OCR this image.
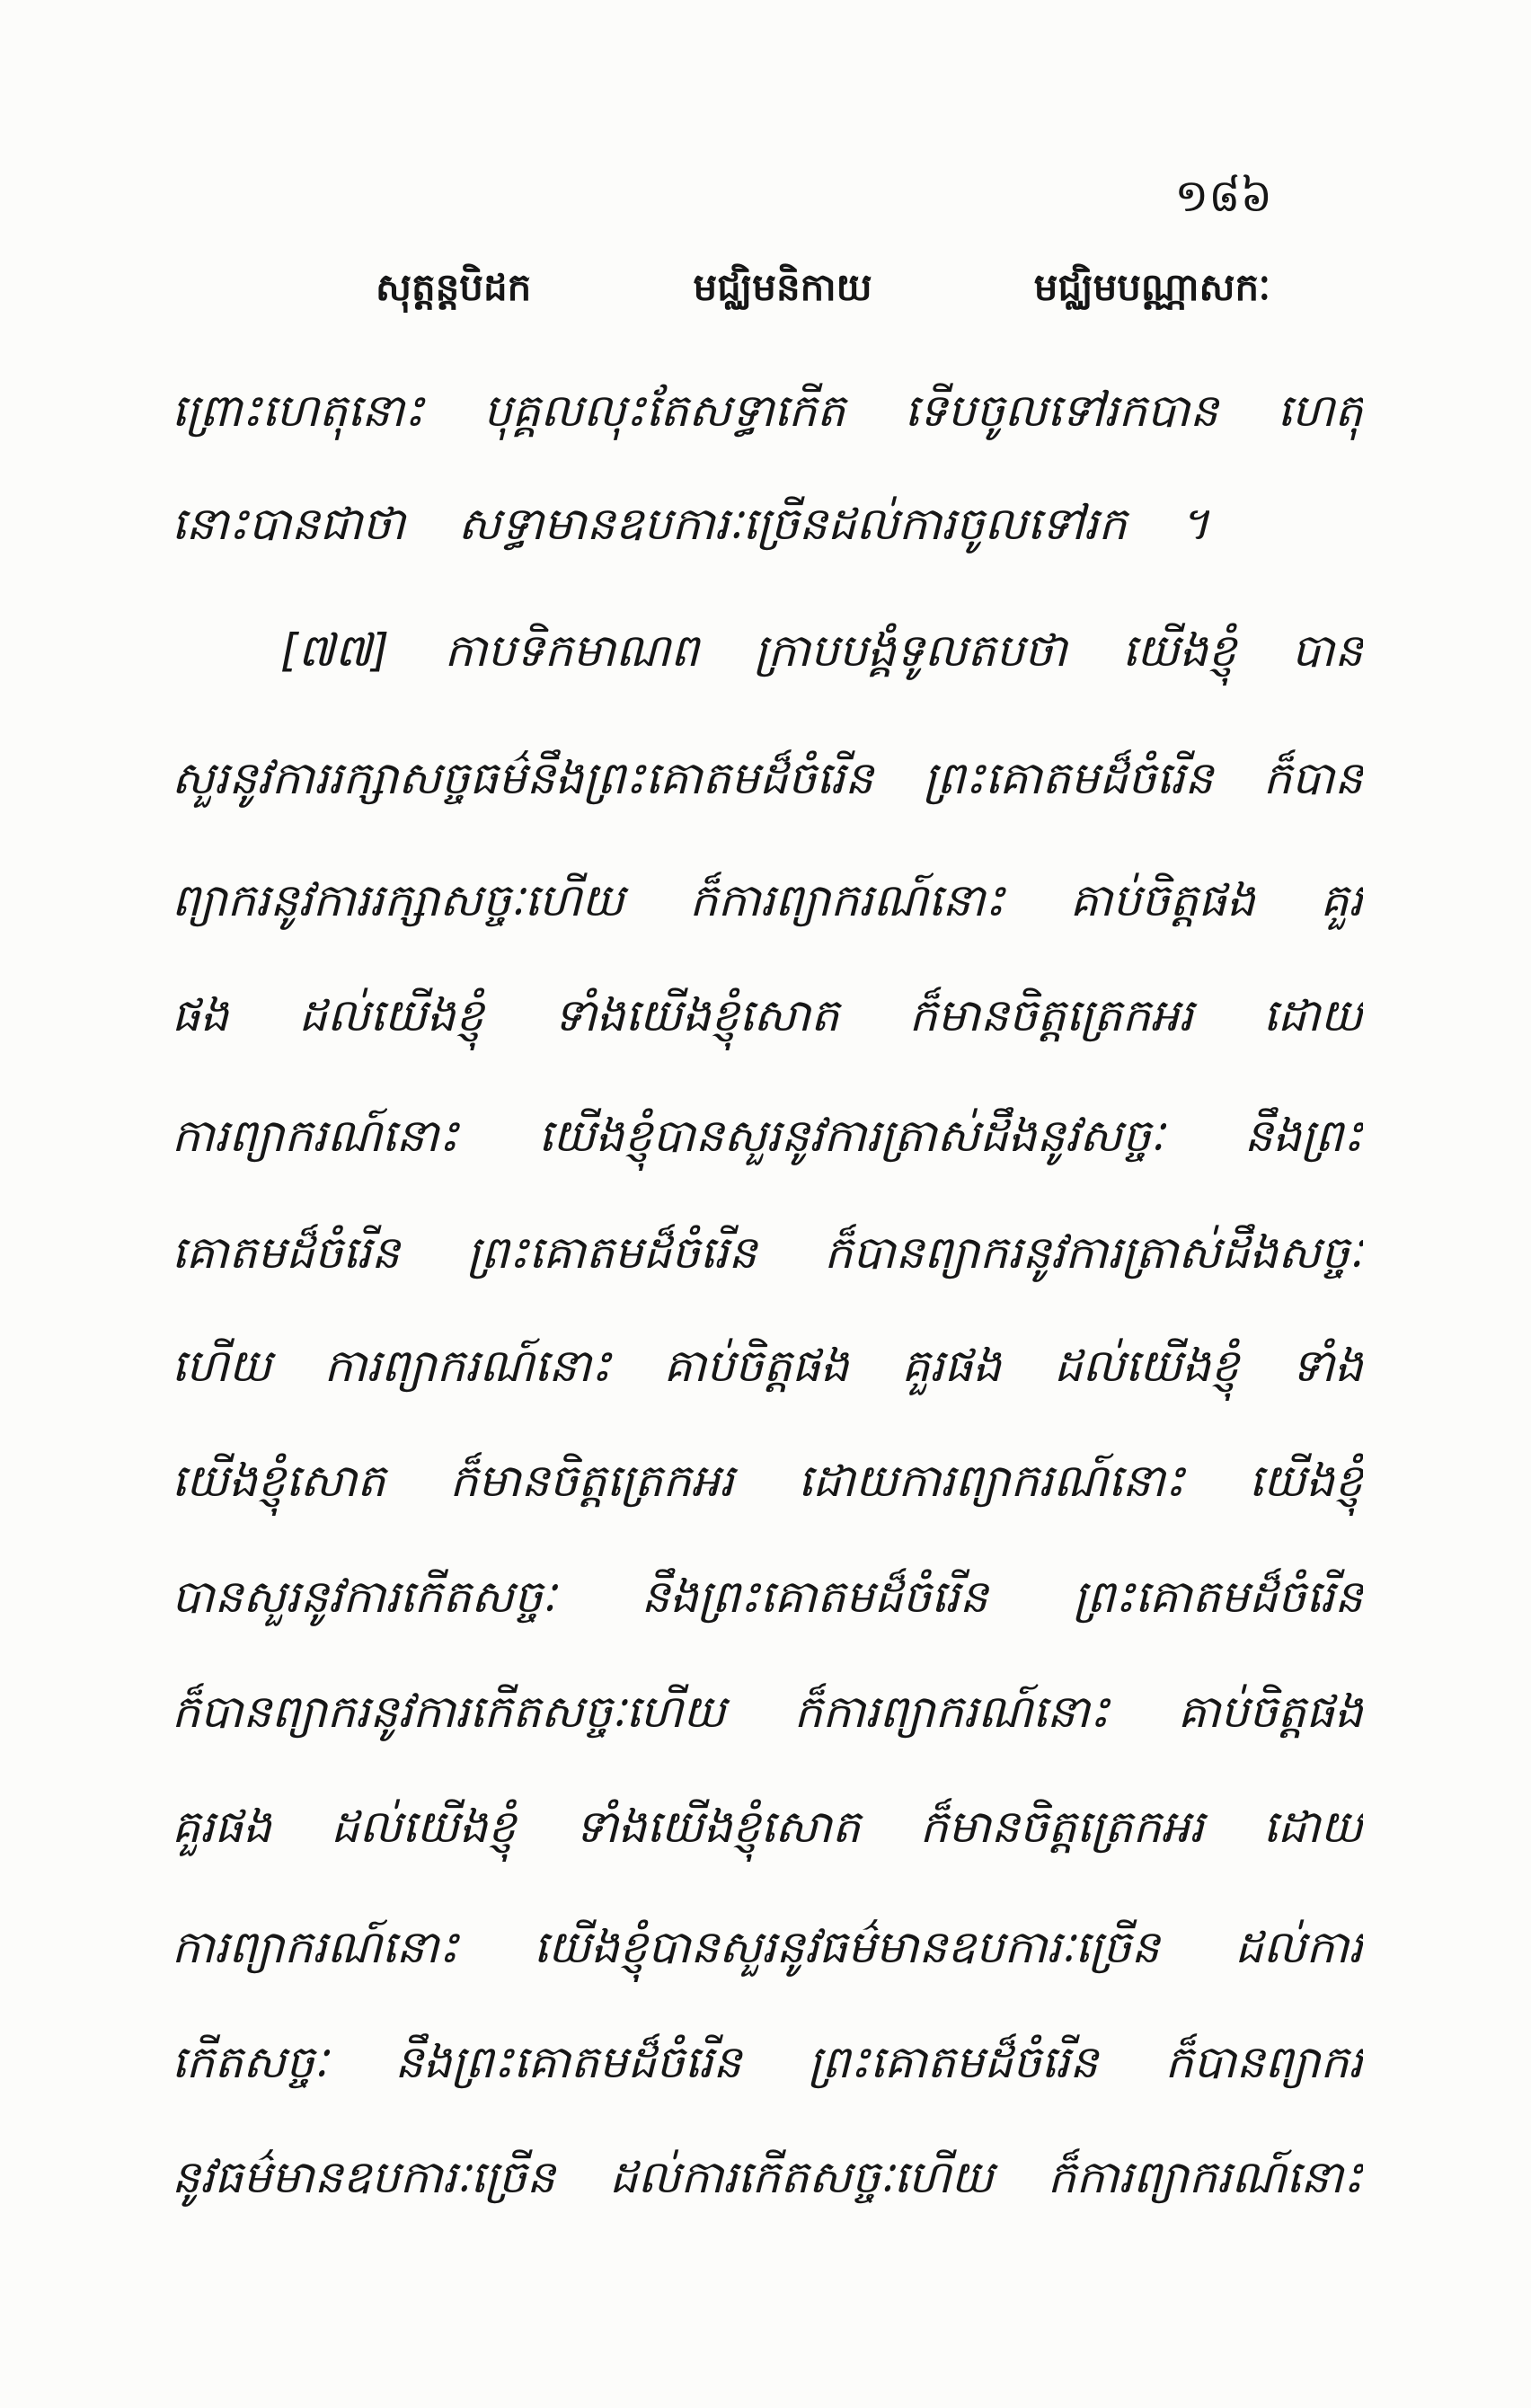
១៨៦
សុត្តន្តបិដក មជ្ឈិមនិកាយ មជ្ឈិមបណ្ណាសកៈ
ព្រោះហេតុនោះ បុគ្គលលុះតែសទ្ធាកើត ទើបចូលទៅរកបាន ហេតុ
នោះបានជាថា សទ្ធាមានឧបការៈច្រើនដល់ការចូលទៅរក ។
[៧៧] កាបទិកមាណព ក្រាបបង្គំទូលតបថា យើងខ្ញុំ បាន
សួរនូវការរក្សាសច្ចធម៌នឹងព្រះគោតមដ៏ចំរើន ព្រះគោតមដ៏ចំរើន ក៏បាន
ព្យាករនូវការរក្សាសច្ចៈហើយ ក៏ការព្យាករណ៍នោះ គាប់ចិត្តផង គួរ
ផង ដល់យើងខ្ញុំ ទាំងយើងខ្ញុំសោត ក៏មានចិត្តត្រេកអរ ដោយ
ការព្យាករណ៍នោះ យើងខ្ញុំបានសួរនូវការត្រាស់ដឹងនូវសច្ចៈ នឹងព្រះ
គោតមដ៏ចំរើន ព្រះគោតមដ៏ចំរើន ក៏បានព្យាករនូវការត្រាស់ដឹងសច្ចៈ
ហើយ ការព្យាករណ៍នោះ គាប់ចិត្តផង គួរផង ដល់យើងខ្ញុំ ទាំង
យើងខ្ញុំសោត ក៏មានចិត្តត្រេកអរ ដោយការព្យាករណ៍នោះ យើងខ្ញុំ
បានសួរនូវការកើតសច្ចៈ នឹងព្រះគោតមដ៏ចំរើន ព្រះគោតមដ៏ចំរើន
ក៏បានព្យាករនូវការកើតសច្ចៈហើយ ក៏ការព្យាករណ៍នោះ គាប់ចិត្តផង
គួរផង ដល់យើងខ្ញុំ ទាំងយើងខ្ញុំសោត ក៏មានចិត្តត្រេកអរ ដោយ
ការព្យាករណ៍នោះ យើងខ្ញុំបានសួរនូវធម៌មានឧបការៈច្រើន ដល់ការ
កើតសច្ចៈ នឹងព្រះគោតមដ៏ចំរើន ព្រះគោតមដ៏ចំរើន ក៏បានព្យាករ
នូវធម៌មានឧបការៈច្រើន ដល់ការកើតសច្ចៈហើយ ក៏ការព្យាករណ៍នោះ
